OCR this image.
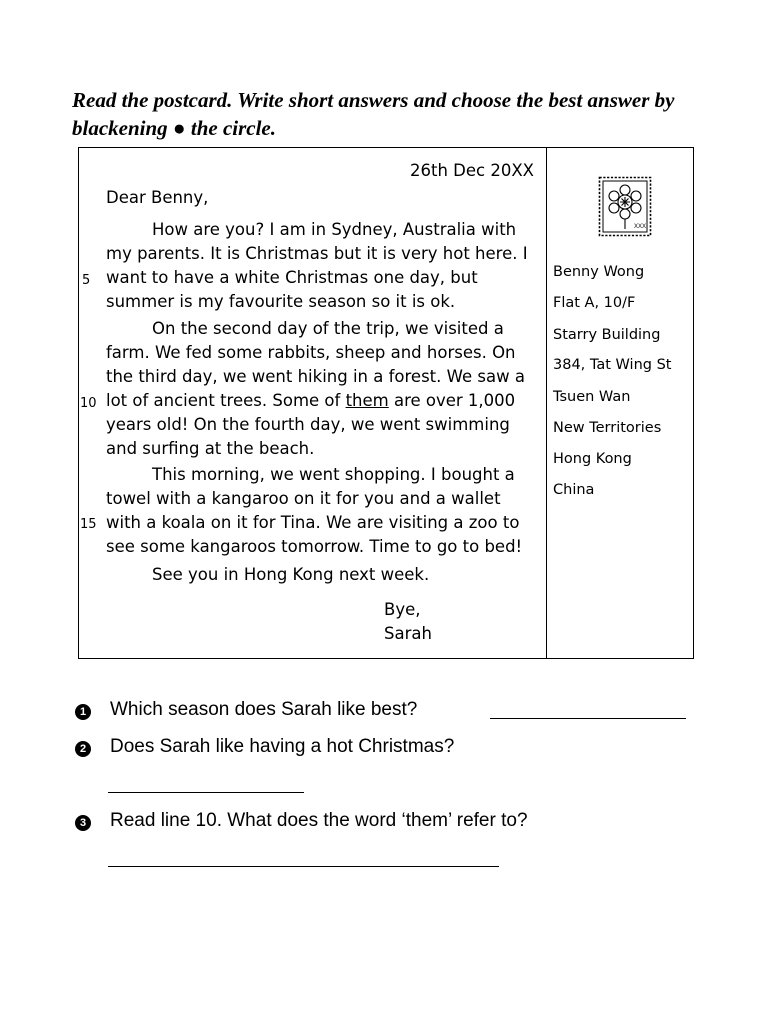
Read the postcard. Write short answers and choose the best answer by blackening ● the circle.

26th Dec 20XX
Dear Benny,
How are you? I am in Sydney, Australia with
my parents. It is Christmas but it is very hot here. I
want to have a white Christmas one day, but
summer is my favourite season so it is ok.
On the second day of the trip, we visited a
farm. We fed some rabbits, sheep and horses. On
the third day, we went hiking in a forest. We saw a
lot of ancient trees. Some of them are over 1,000
years old! On the fourth day, we went swimming
and surfing at the beach.
This morning, we went shopping. I bought a
towel with a kangaroo on it for you and a wallet
with a koala on it for Tina. We are visiting a zoo to
see some kangaroos tomorrow. Time to go to bed!
See you in Hong Kong next week.
5
10
15
Bye,
Sarah
XXX
Benny Wong
Flat A, 10/F
Starry Building
384, Tat Wing St
Tsuen Wan
New Territories
Hong Kong
China
1 Which season does Sarah like best?
2 Does Sarah like having a hot Christmas?
3 Read line 10. What does the word ‘them’ refer to?
